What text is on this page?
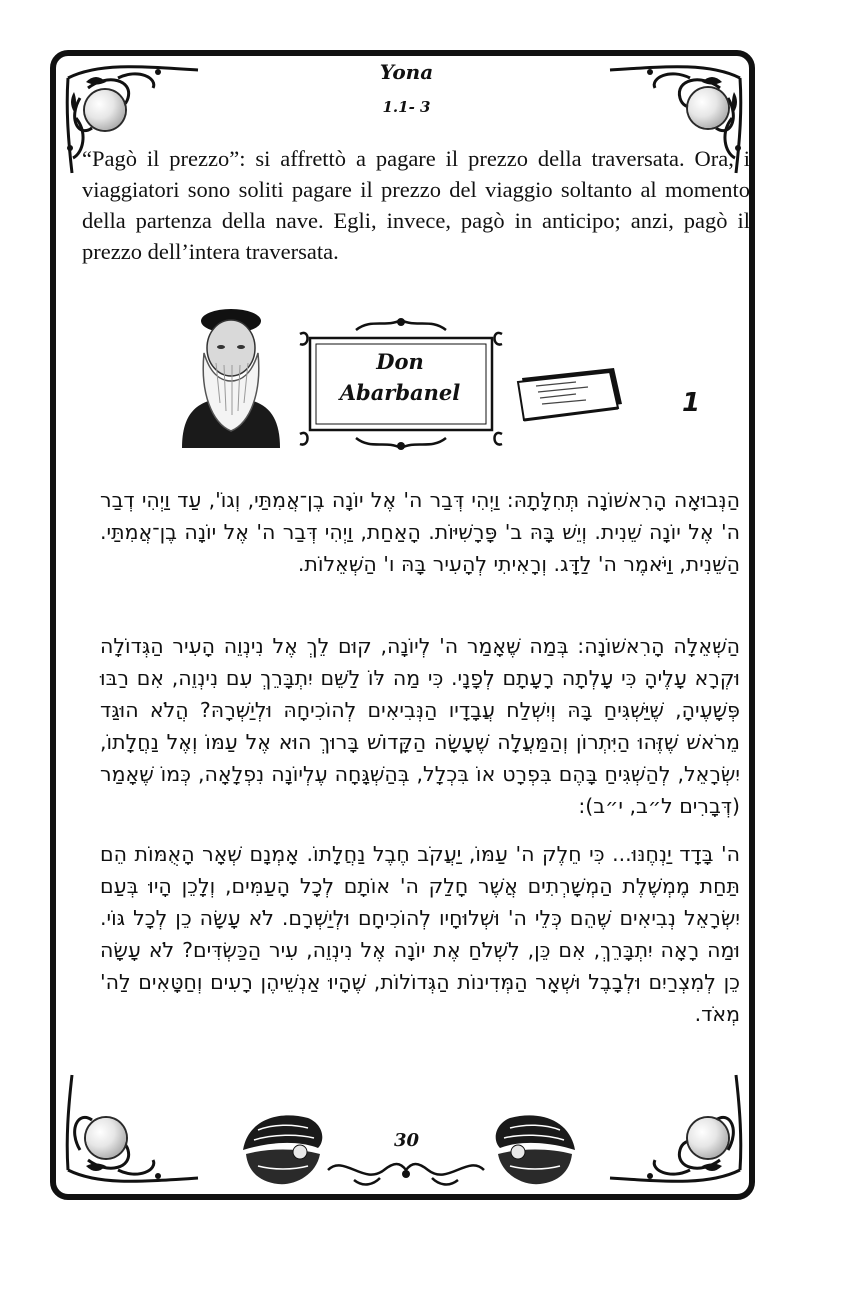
Yona
1.1- 3
“Pagò il prezzo”: si affrettò a pagare il prezzo della traversata. Ora, i viaggiatori sono soliti pagare il prezzo del viaggio soltanto al momento della partenza della nave. Egli, invece, pagò in anticipo; anzi, pagò il prezzo dell’intera traversata.
Don
Abarbanel	1
הַנְּבוּאָה הָרִאשׁוֹנָה תְּחִלָּתָהּ: וַיְהִי דְּבַר ה' אֶל יוֹנָה בֶן־אֲמִתַּי, וְגוֹ', עַד וַיְהִי דְבַר ה' אֶל יוֹנָה שֵׁנִית. וְיֵשׁ בָּהּ ב' פָּרָשִׁיּוֹת. הָאַחַת, וַיְהִי דְּבַר ה' אֶל יוֹנָה בֶן־אֲמִתַּי. הַשֵּׁנִית, וַיֹּאמֶר ה' לַדָּג. וְרָאִיתִי לְהָעִיר בָּהּ ו' הַשְּׁאֵלוֹת.
הַשְּׁאֵלָה הָרִאשׁוֹנָה: בְּמַה שֶּׁאָמַר ה' לְיוֹנָה, קוּם לֵךְ אֶל נִינְוֵה הָעִיר הַגְּדוֹלָה וּקְרָא עָלֶיהָ כִּי עָלְתָה רָעָתָם לְפָנָי. כִּי מַה לּוֹ לַשֵּׁם יִתְבָּרֵךְ עִם נִינְוֵה, אִם רַבּוּ פְּשָׁעֶיהָ, שֶׁיַּשְׁגִּיחַ בָּהּ וְיִשְׁלַח עֲבָדָיו הַנְּבִיאִים לְהוֹכִיחָהּ וּלְיַשְּׁרָהּ? הֲלֹא הוּגַּד מֵרֹאשׁ שֶׁזֶּהוּ הַיִּתְרוֹן וְהַמַּעֲלָה שֶׁעָשָׂה הַקָּדוֹשׁ בָּרוּךְ הוּא אֶל עַמּוֹ וְאֶל נַחֲלָתוֹ, יִשְׂרָאֵל, לְהַשְׁגִּיחַ בָּהֶם בִּפְרָט אוֹ בִּכְלָל, בְּהַשְׁגָּחָה עֶלְיוֹנָה נִפְלָאָה, כְּמוֹ שֶׁאָמַר (דְּבָרִים ל״ב, י״ב):
ה' בָּדָד יַנְחֶנּוּ... כִּי חֵלֶק ה' עַמּוֹ, יַעֲקֹב חֶבֶל נַחֲלָתוֹ. אָמְנָם שְׁאָר הָאֻמּוֹת הֵם תַּחַת מֶמְשֶׁלֶת הַמְשָׁרְתִים אֲשֶׁר חָלַק ה' אוֹתָם לְכָל הָעַמִּים, וְלָכֵן הָיוּ בְּעַם יִשְׂרָאֵל נְבִיאִים שֶׁהֵם כְּלֵי ה' וּשְׁלוּחָיו לְהוֹכִיחָם וּלְיַשְּׁרָם. לֹא עָשָׂה כֵן לְכָל גּוֹי. וּמַה רָאָה יִתְבָּרֵךְ, אִם כֵּן, לִשְׁלֹחַ אֶת יוֹנָה אֶל נִינְוֵה, עִיר הַכַּשְׂדִּים? לֹא עָשָׂה כֵן לְמִצְרַיִם וּלְבָבֶל וּשְׁאָר הַמְּדִינוֹת הַגְּדוֹלוֹת, שֶׁהָיוּ אַנְשֵׁיהֶן רָעִים וְחַטָּאִים לַה' מְאֹד.
30
